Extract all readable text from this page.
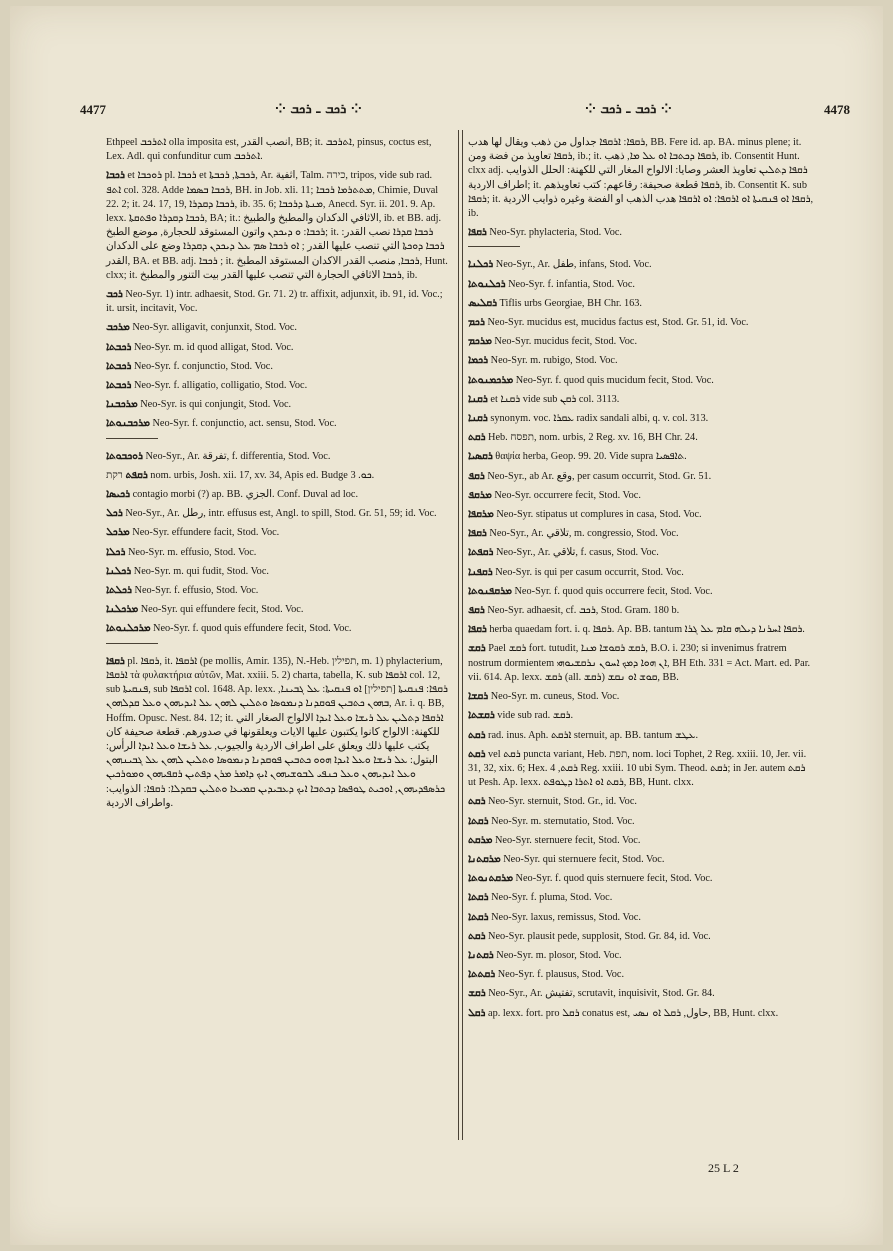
4477	⁘ ܪܟܒ ـ ܪܟܒ ⁘	⁘ ܪܟܒ ـ ܪܟܒ ⁘	4478
Ethpeel ܐܬܪܟܒ olla imposita est, انصب القدر, BB; it. ܐܬܪܟܒ, pinsus, coctus est, Lex. Adl. qui confunditur cum ܐܬܪܟܒ.
ܪܟܒܐ et ܪܘܟܒܐ pl. ܪܟܒܐ et ܪܟܒܬܐ, ܪܟܒܬܐ, Ar. اثفية, Talm. כירה, tripos, vide sub rad. ܐܬܦ col. 328. Adde ܪܟܒܐ ܒܣܡܐ, BH. in Job. xli. 11; ܡܬܬܪܡܐ ܪܟܒܐ, Chimie, Duval 22. 2; it. 24. 17, 19, ܪܟܒܐ ܕܩܕܪܐ, ib. 35. 6; ܡܢܬܐ ܕܪܟܒܐ, Anecd. Syr. ii. 201. 9. Ap. lexx. ܪܟܒܐ ܕܩܕܪܐ ܘܦܬܩܬܐ, BA; it.: الاثافي الدكدان والمطبخ والطبيخ, ib. et BB. adj. ܪܟܒܐ: ܘ ܕܝܟܕܢ واتون المستوقد للحجارة, موضع الطبخ; it. ܪܟܒܐ ܩܕܪܐ نصب القدر: ܪܟܒܐ ܕܘܟܬܐ التي تنصب عليها القدر ; ܐܘ ܪܟܒܐ ܣܡ ܥܠ ܕܝܟܕܢ ܕܩܕܪܐ وضع على الدكدان القدر, BA. et BB. adj. ܪܟܒܐ ; it. ܪܟܒܐ, منصب القدر الاكدان المستوقد المطبخ, Hunt. clxx; it. ܪܟܒܐ الاثافي الحجارة التي تنصب عليها القدر بيت التنور والمطبخ, ib.
ܪܟܒ Neo-Syr. 1) intr. adhaesit, Stod. Gr. 71. 2) tr. affixit, adjunxit, ib. 91, id. Voc.; it. ursit, incitavit, Voc.
ܡܪܟܒ Neo-Syr. alligavit, conjunxit, Stod. Voc.
ܪܟܒܬܐ Neo-Syr. m. id quod alligat, Stod. Voc.
ܪܟܒܬܐ Neo-Syr. f. conjunctio, Stod. Voc.
ܪܟܒܬܐ Neo-Syr. f. alligatio, colligatio, Stod. Voc.
ܡܪܟܒܢܐ Neo-Syr. is qui conjungit, Stod. Voc.
ܡܪܟܒܢܘܬܐ Neo-Syr. f. conjunctio, act. sensu, Stod. Voc.
ܪܘܟܒܘܬܐ Neo-Syr., Ar. تفرقة, f. differentia, Stod. Voc.
ܪܩܦܬ רקת nom. urbis, Josh. xii. 17, xv. 34, Apis ed. Budge ܟܘ. 3.
ܪܟܝܣܐ contagio morbi (?) ap. BB. الجزي. Conf. Duval ad loc.
ܪܟܠ Neo-Syr., Ar. رطل, intr. effusus est, Angl. to spill, Stod. Gr. 51, 59; id. Voc.
ܡܪܟܠ Neo-Syr. effundere facit, Stod. Voc.
ܪܟܠܐ Neo-Syr. m. effusio, Stod. Voc.
ܪܟܠܢܐ Neo-Syr. m. qui fudit, Stod. Voc.
ܪܟܠܬܐ Neo-Syr. f. effusio, Stod. Voc.
ܡܪܟܠܢܐ Neo-Syr. qui effundere fecit, Stod. Voc.
ܡܪܟܠܢܘܬܐ Neo-Syr. f. quod quis effundere fecit, Stod. Voc.
ܪܩܦܐ pl. ܪܩܦܐ, it. ܐܪܩܦܐ (pe mollis, Amir. 135), N.-Heb. תפילין, m. 1) phylacterium, ܐܪܩܦܐ τὰ φυλακτήρια αὐτῶν, Mat. xxiii. 5. 2) charta, tabella, K. sub ܐܪܩܦܐ col. 12, sub ܦܢܩܝܬܐ, sub ܐܪܩܦܐ col. 1648. Ap. lexx. ܪܩܦܐ: ܦܢܩܝܬܐ [תפילין] ܐܘ ܦܢܩܝܬܐ: ܥܠ ܓܒܝܢܐ, ܒܗܘܢ ܟܬܒܝܢ ܦܘܩܕܢܐ ܕܢܡܘܣܐ ܘܬܠܝܢ ܠܗܘܢ ܥܠ ܐܝܕܝܗܘܢ ܘܥܠ ܩܕܠܗܘܢ, Ar. i. q. BB, Hoffm. Opusc. Nest. 84. 12; it. ܐܪܩܦܐ ܕܬܠܝܢ ܥܠ ܪܝܫܐ ܘܥܠ ܐܝܕܐ الالواح الصغار التي للكهنة: الالواح كانوا يكتبون عليها الايات ويعلقونها في صدورهم. قطعة صحيفة كان يكتب عليها ذلك ويعلق على اطراف الاردية والجيوب, ܥܠ ܪܝܫܐ ܘܥܠ ܐܝܕܐ الرأس: البتول: ܥܠ ܪܝܫܐ ܘܥܠ ܐܝܕܐ ܗܘܘ ܟܬܒܝܢ ܦܘܩܕܢܐ ܕܢܡܘܣܐ ܘܬܠܝܢ ܠܗܘܢ ܥܠ ܓܒܝܢܗܘܢ ܘܥܠ ܐܝܕܝܗܘܢ ܘܥܠ ܟܢܦܝ ܠܒܘܫܝܗܘܢ ܐܝܟ ܕܐܡܪ ܡܪܢ ܕܦܬܝܢ ܪܩܦܝܗܘܢ ܘܡܘܪܟܝܢ ܟܪܣܦܕܝܗܘܢ, ܐܘܟܝܬ ܛܘܦܣܐ ܕܟܬܒܐ ܐܝܟ ܕܥܒܝܕܝܢ ܩܡܝܥܐ ܘܬܠܝܢ ܒܩܕܠܐ: ܪܩܦܐ: الذوايب: واطراف الاردية.
ܪܩܦܐ: ܐܪܩܦܐ جداول من ذهب ويقال لها هدب, BB. Fere id. ap. BA. minus plene; it. ܪܩܦܐ تعاويذ من فضة ومن, ib.; it. ܪܩܦܐ ܕܟܬܒܐ ܐܘ ܥܠ ܡܐ, ذهب, ib. Consentit Hunt. clxx adj. ܪܩܦܐ ܕܬܠܝܢ تعاويذ العشر وصايا: الالواح المغار التي للكهنة: الحلل الذوايب اطراف الاردية; it. ܪܩܦܐ قطعة صحيفة: رقاعهم: كتب تعاويذهم, ib. Consentit K. sub ܪܩܦܐ; it. ܪܩܦܐ ܐܘ ܦܢܩܝܬܐ ܐܘ ܐܪܩܦܐ: ܐܘ ܐܪܩܦܐ هدب الذهب او الفضة وغيره ذوايب الاردية, ib.
ܪܩܦܐ Neo-Syr. phylacteria, Stod. Voc.
ܪܟܠܢܐ Neo-Syr., Ar. طفل, infans, Stod. Voc.
ܪܟܠܢܘܬܐ Neo-Syr. f. infantia, Stod. Voc.
ܪܩܠܝܣ Tiflis urbs Georgiae, BH Chr. 163.
ܪܟܡ Neo-Syr. mucidus est, mucidus factus est, Stod. Gr. 51, id. Voc.
ܡܪܟܡ Neo-Syr. mucidus fecit, Stod. Voc.
ܪܟܡܐ Neo-Syr. m. rubigo, Stod. Voc.
ܡܪܟܡܢܘܬܐ Neo-Syr. f. quod quis mucidum fecit, Stod. Voc.
ܪܩܢܐ et ܪܩܢܐ vide sub ܪܩܢ col. 3113.
ܪܩܢܐ synonym. voc. ܥܩܪܐ radix sandali albi, q. v. col. 313.
ܪܩܬ Heb. תפסח, nom. urbis, 2 Reg. xv. 16, BH Chr. 24.
ܪܩܣܝܐ θαψία herba, Geop. 99. 20. Vide supra ܬܐܦܣܝܐ.
ܪܩܦ Neo-Syr., ab Ar. وقع, per casum occurrit, Stod. Gr. 51.
ܡܪܩܦ Neo-Syr. occurrere fecit, Stod. Voc.
ܡܪܩܦܐ Neo-Syr. stipatus ut complures in casa, Stod. Voc.
ܪܩܦܐ Neo-Syr., Ar. تلاقي, m. congressio, Stod. Voc.
ܪܩܦܬܐ Neo-Syr., Ar. تلاقي, f. casus, Stod. Voc.
ܪܩܦܢܐ Neo-Syr. is qui per casum occurrit, Stod. Voc.
ܡܪܩܦܢܘܬܐ Neo-Syr. f. quod quis occurrere fecit, Stod. Voc.
ܪܩܦ Neo-Syr. adhaesit, cf. ܪܟܒ, Stod. Gram. 180 b.
ܪܩܦܐ herba quaedam fort. i. q. ܪܩܦܐ. Ap. BB. tantum ܪܩܦܐ ܐܚܪܢܐ ܕܝܠܗ ܩܐܡ ܥܠ ܓܪܐ.
ܪܩܫ Pael ܪܩܫ fort. tutudit, ܪܩܫ ܪܩܘܫܐ ܡܢܐ, B.O. i. 230; si invenimus fratrem nostrum dormientem ܐܢ ܗܘܐ ܕܡܟ ܐܚܘܢ ܢܪܩܫܝܘܗܝ, BH Eth. 331 = Act. Mart. ed. Par. vii. 614. Ap. lexx. ܪܩܫ (all. ܪܩܫ) ܩܘܫ ܐܘ ܢܩܫ, BB.
ܪܩܫܐ Neo-Syr. m. cuneus, Stod. Voc.
ܪܩܫܬܐ vide sub rad. ܪܩܫ.
ܪܩܬ rad. inus. Aph. ܐܪܩܬ sternuit, ap. BB. tantum ܥܛܫ.
ܪܩܬ vel ܪܩܬ puncta variant, Heb. תפת, nom. loci Tophet, 2 Reg. xxiii. 10, Jer. vii. 31, 32, xix. 6; Hex. ܪܩܬ, 4 Reg. xxiii. 10 ubi Sym. Theod. ܪܩܬ; in Jer. autem ܪܩܬ ut Pesh. Ap. lexx. ܪܩܬ ܐܘ ܐܬܪܐ ܕܛܘܦܬ, BB, Hunt. clxx.
ܪܩܬ Neo-Syr. sternuit, Stod. Gr., id. Voc.
ܪܩܬܐ Neo-Syr. m. sternutatio, Stod. Voc.
ܡܪܩܬ Neo-Syr. sternuere fecit, Stod. Voc.
ܡܪܩܬܢܐ Neo-Syr. qui sternuere fecit, Stod. Voc.
ܡܪܩܬܢܘܬܐ Neo-Syr. f. quod quis sternuere fecit, Stod. Voc.
ܪܩܬܐ Neo-Syr. f. pluma, Stod. Voc.
ܪܩܬܐ Neo-Syr. laxus, remissus, Stod. Voc.
ܪܩܬ Neo-Syr. plausit pede, supplosit, Stod. Gr. 84, id. Voc.
ܪܩܬܢܐ Neo-Syr. m. plosor, Stod. Voc.
ܪܩܬܬܐ Neo-Syr. f. plausus, Stod. Voc.
ܪܩܫ Neo-Syr., Ar. تفتيش, scrutavit, inquisivit, Stod. Gr. 84.
ܪܩܠ ap. lexx. fort. pro ܪܩܠ conatus est, حاول, ܪܩܠ ܐܘ ܢܣܝ, BB, Hunt. clxx.
25 L 2
